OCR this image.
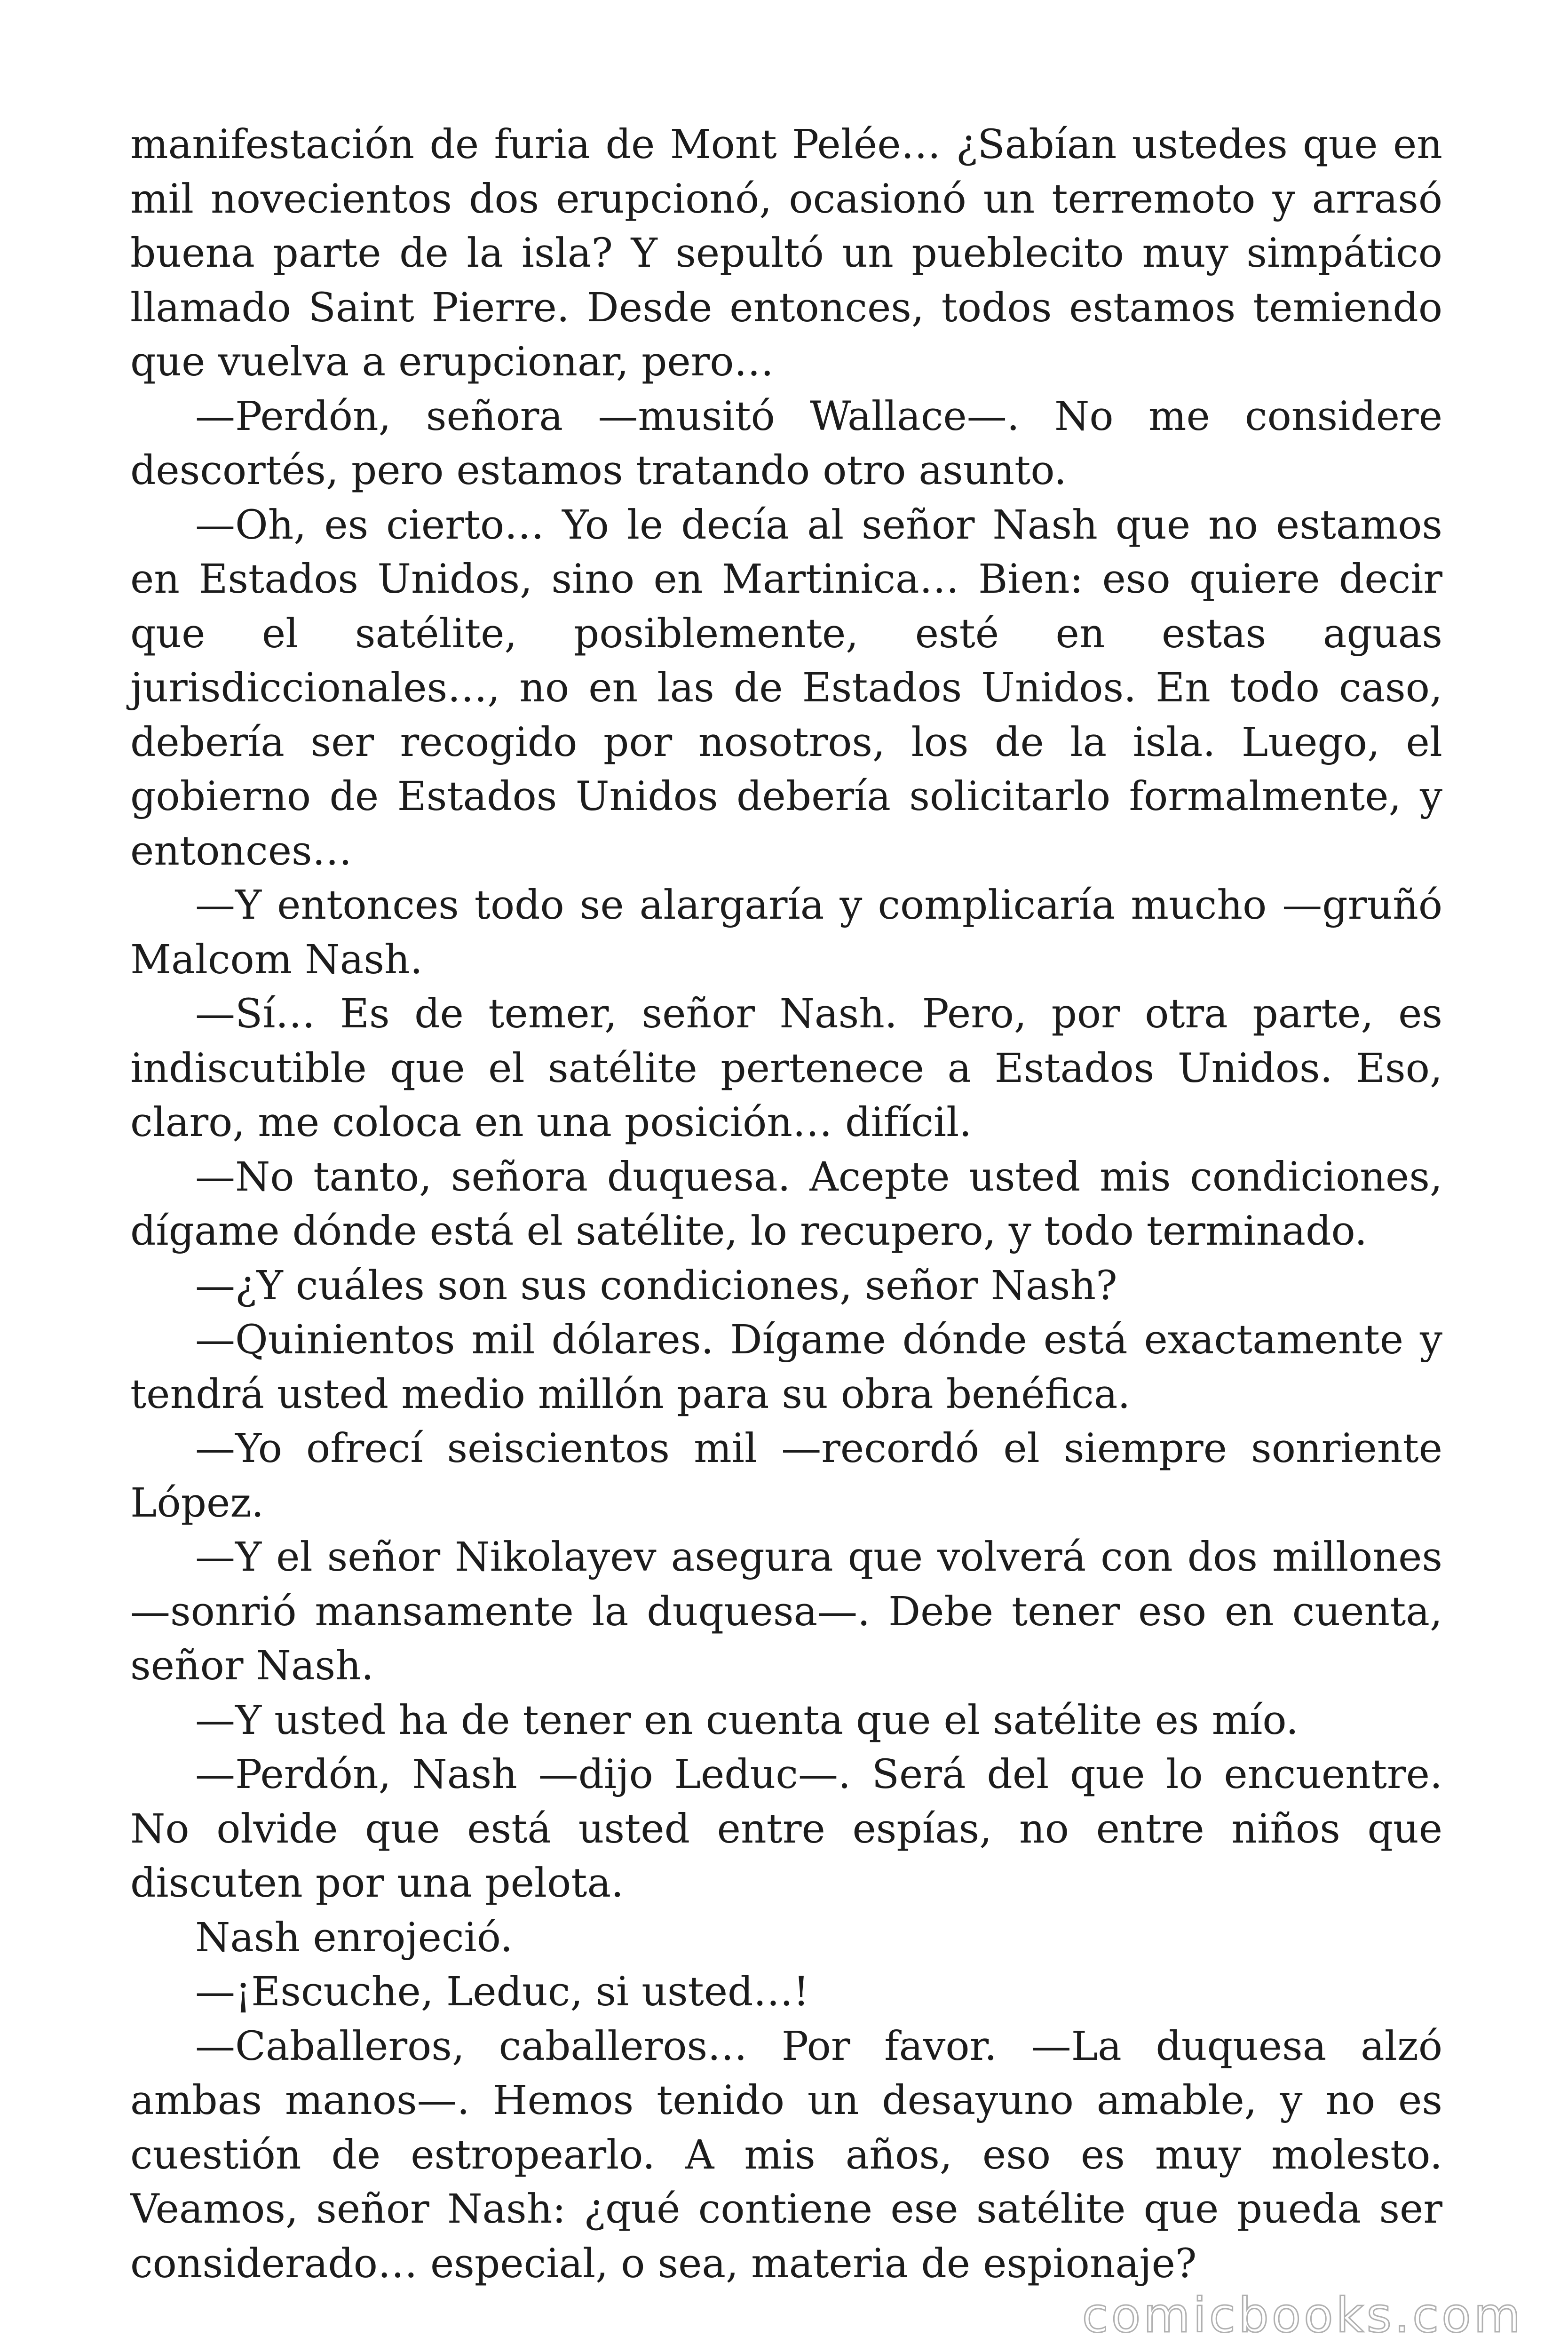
manifestación de furia de Mont Pelée… ¿Sabían ustedes que en mil novecientos dos erupcionó, ocasionó un terremoto y arrasó buena parte de la isla? Y sepultó un pueblecito muy simpático llamado Saint Pierre. Desde entonces, todos estamos temiendo que vuelva a erupcionar, pero…

—Perdón, señora —musitó Wallace—. No me considere descortés, pero estamos tratando otro asunto.

—Oh, es cierto… Yo le decía al señor Nash que no estamos en Estados Unidos, sino en Martinica… Bien: eso quiere decir que el satélite, posiblemente, esté en estas aguas jurisdiccionales…, no en las de Estados Unidos. En todo caso, debería ser recogido por nosotros, los de la isla. Luego, el gobierno de Estados Unidos debería solicitarlo formalmente, y entonces…

—Y entonces todo se alargaría y complicaría mucho —gruñó Malcom Nash.

—Sí… Es de temer, señor Nash. Pero, por otra parte, es indiscutible que el satélite pertenece a Estados Unidos. Eso, claro, me coloca en una posición… difícil.

—No tanto, señora duquesa. Acepte usted mis condiciones, dígame dónde está el satélite, lo recupero, y todo terminado.

—¿Y cuáles son sus condiciones, señor Nash?

—Quinientos mil dólares. Dígame dónde está exactamente y tendrá usted medio millón para su obra benéfica.

—Yo ofrecí seiscientos mil —recordó el siempre sonriente López.

—Y el señor Nikolayev asegura que volverá con dos millones —sonrió mansamente la duquesa—. Debe tener eso en cuenta, señor Nash.

—Y usted ha de tener en cuenta que el satélite es mío.

—Perdón, Nash —dijo Leduc—. Será del que lo encuentre. No olvide que está usted entre espías, no entre niños que discuten por una pelota.

Nash enrojeció.

—¡Escuche, Leduc, si usted…!

—Caballeros, caballeros… Por favor. —La duquesa alzó ambas manos—. Hemos tenido un desayuno amable, y no es cuestión de estropearlo. A mis años, eso es muy molesto. Veamos, señor Nash: ¿qué contiene ese satélite que pueda ser considerado… especial, o sea, materia de espionaje?

comicbooks.com
